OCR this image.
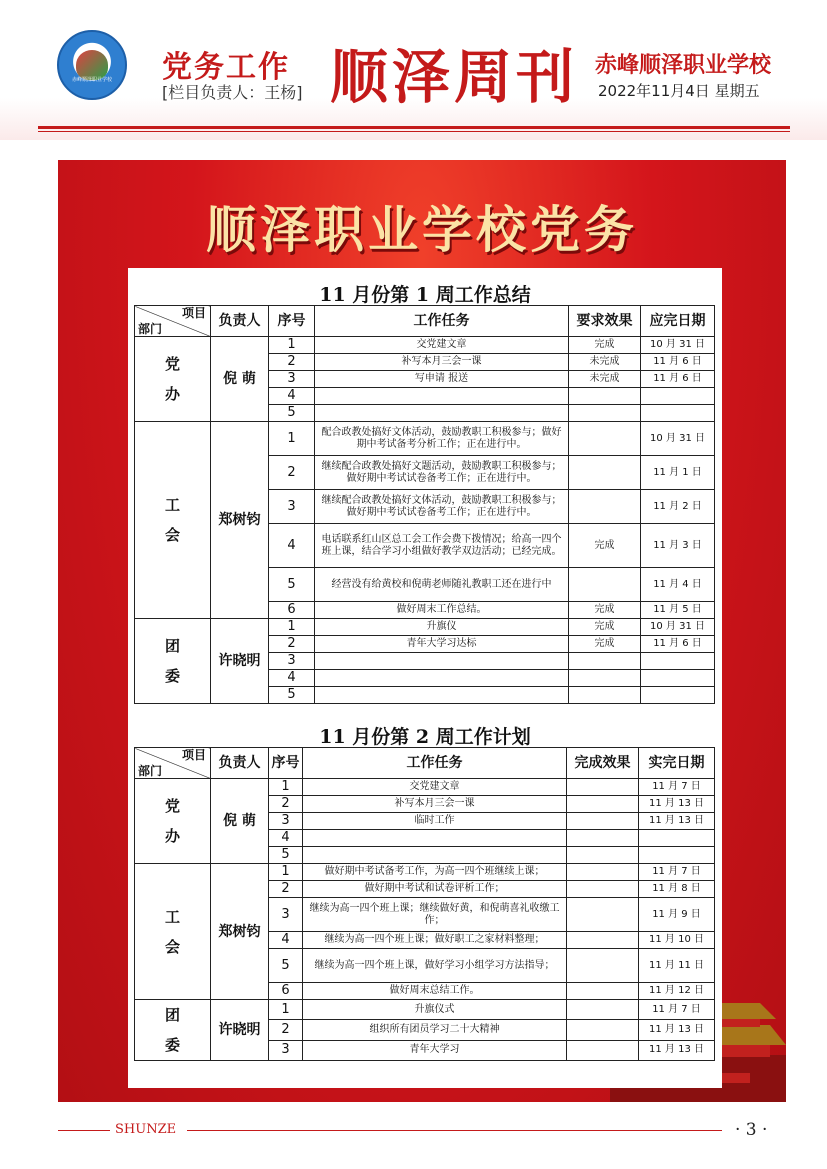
赤峰顺泽职业学校 党务工作
[栏目负责人：王杨] 顺泽周刊 赤峰顺泽职业学校
2022年11月4日 星期五
顺泽职业学校党务
11 月份第 1 周工作总结
项目
部门	负责人	序号	工作任务	要求效果	应完日期

党
办	倪 萌	1	交党建文章	完成	10 月 31 日
		2	补写本月三会一课	未完成	11 月 6 日
		3	写申请 报送	未完成	11 月 6 日
		4			
		5			

工
会	郑树钧	1	配合政教处搞好文体活动，鼓励教职工积极参与；做好期中考试备考分析工作；正在进行中。		10 月 31 日
		2	继续配合政教处搞好文题活动，鼓励教职工积极参与；做好期中考试试卷备考工作；正在进行中。		11 月 1 日
		3	继续配合政教处搞好文体活动，鼓励教职工积极参与；做好期中考试试卷备考工作；正在进行中。		11 月 2 日
		4	电话联系红山区总工会工作会费下拨情况；给高一四个班上课，结合学习小组做好教学双边活动；已经完成。	完成	11 月 3 日
		5	经营没有给黄校和倪萌老师随礼教职工还在进行中		11 月 4 日
		6	做好周末工作总结。	完成	11 月 5 日

团
委	许晓明	1	升旗仪	完成	10 月 31 日
		2	青年大学习达标	完成	11 月 6 日
		3			
		4			
		5			
11 月份第 2 周工作计划
项目
部门	负责人	序号	工作任务	完成效果	实完日期

党
办	倪 萌	1	交党建文章		11 月 7 日
		2	补写本月三会一课		11 月 13 日
		3	临时工作		11 月 13 日
		4			
		5			

工
会	郑树钧	1	做好期中考试备考工作，为高一四个班继续上课；		11 月 7 日
		2	做好期中考试和试卷评析工作；		11 月 8 日
		3	继续为高一四个班上课；继续做好黄，和倪萌喜礼收缴工作；		11 月 9 日
		4	继续为高一四个班上课；做好职工之家材料整理；		11 月 10 日
		5	继续为高一四个班上课，做好学习小组学习方法指导；		11 月 11 日
		6	做好周末总结工作。		11 月 12 日

团
委	许晓明	1	升旗仪式		11 月 7 日
		2	组织所有团员学习二十大精神		11 月 13 日
		3	青年大学习		11 月 13 日
SHUNZE	· 3 ·
